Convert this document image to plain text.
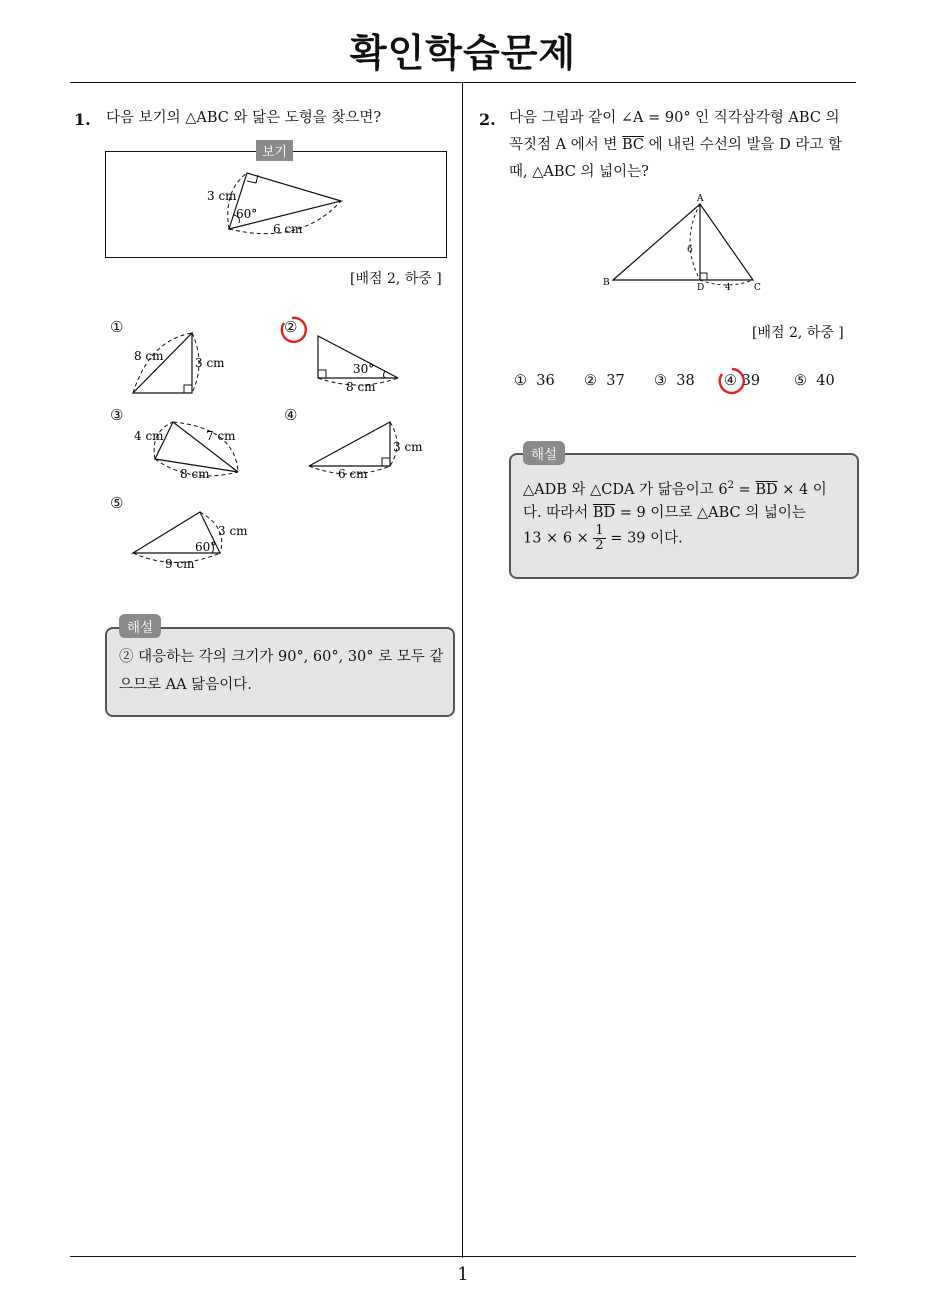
확인학습문제
1. 다음 보기의 △ABC 와 닮은 도형을 찾으면?
보기
3 cm
60°
6 cm
[배점 2, 하중 ]
①	②
③	④
⑤
8 cm	3 cm	30°
8 cm
4 cm	7 cm
8 cm
3 cm
6 cm
3 cm
60°
9 cm
해설
② 대응하는 각의 크기가 90°, 60°, 30° 로 모두 같
으므로 AA 닮음이다.
2. 다음 그림과 같이 ∠A = 90° 인 직각삼각형 ABC 의
꼭짓점 A 에서 변 $\overline{BC}$ 에 내린 수선의 발을 D 라고 할
때, △ABC 의 넓이는?
A
B	C
D
6
4
[배점 2, 하중 ]
① 36 ② 37 ③ 38 ④ 39 ⑤ 40
해설
△ADB 와 △CDA 가 닮음이고 $6^2 = \overline{BD} \times 4$ 이
다. 따라서 $\overline{BD} = 9$ 이므로 △ABC 의 넓이는
$13 \times 6 \times \frac{1}{2} = 39$ 이다.
1
